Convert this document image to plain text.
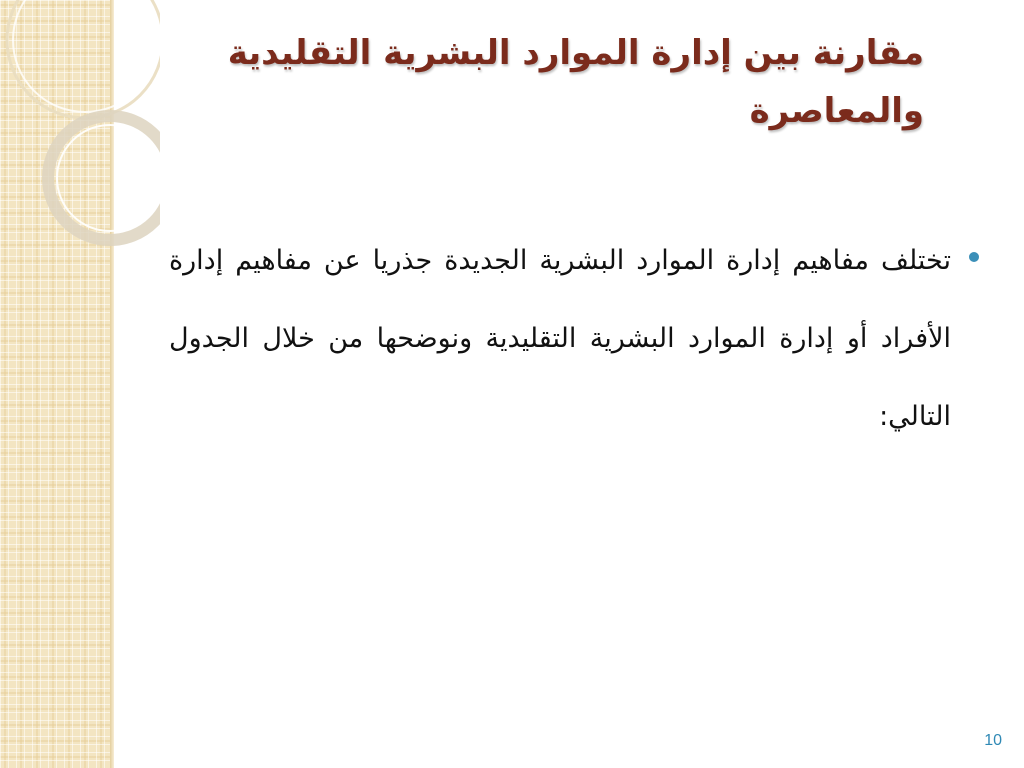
مقارنة بين إدارة الموارد البشرية التقليدية والمعاصرة
تختلف مفاهيم إدارة الموارد البشرية الجديدة جذريا عن مفاهيم إدارة الأفراد أو إدارة الموارد البشرية التقليدية ونوضحها من خلال الجدول التالي:
10
